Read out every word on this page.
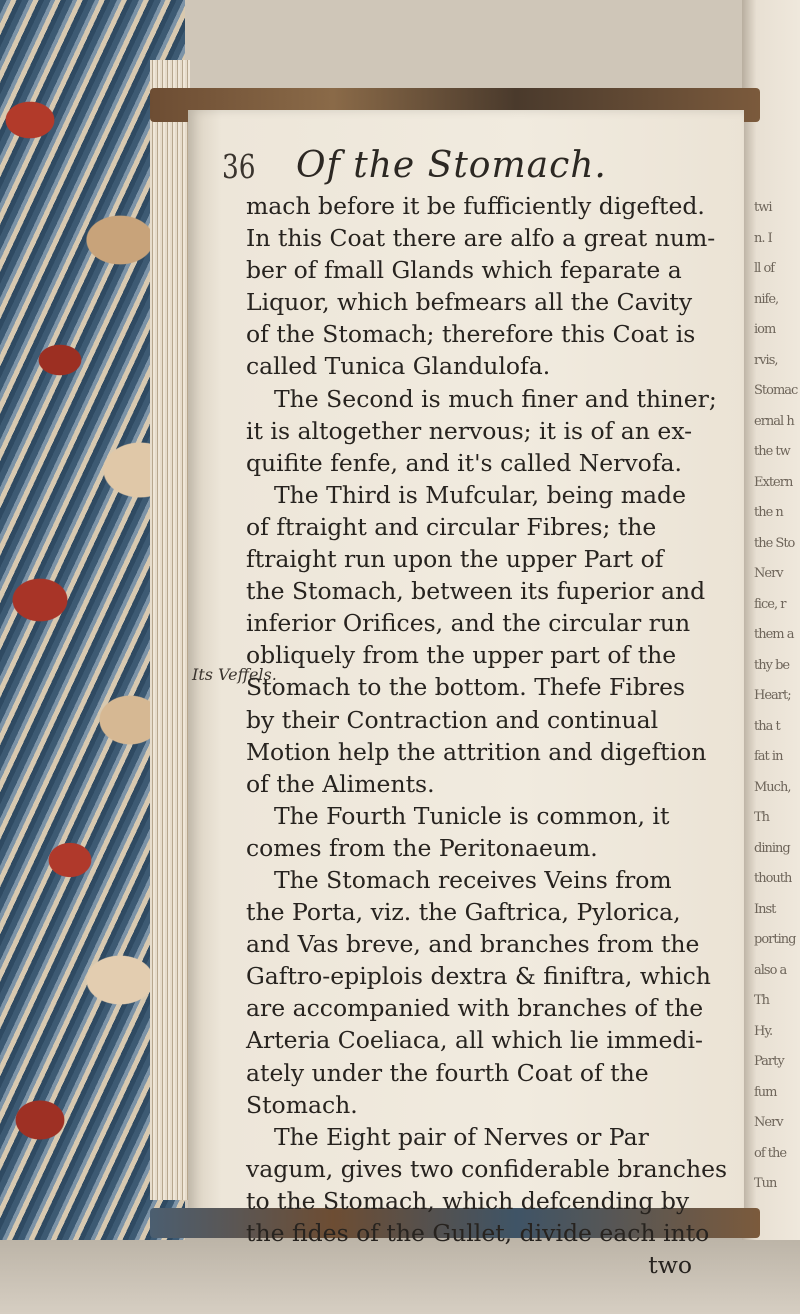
twi
n. I
ll of
nife,
iom
rvis,
Stomac
ernal h
the tw
Extern
the n
the Sto
Nerv
fice, r
them a
thy be
Heart;
tha t
fat in
Much,
Th
dining
thouth
Inst
porting
also a
Th
Hy.
Party
fum
Nerv
of the
Tun
36 Of the Stomach.
Its Veffels.
mach before it be fufficiently digefted.
In this Coat there are alfo a great num-
ber of fmall Glands which feparate a
Liquor, which befmears all the Cavity
of the Stomach; therefore this Coat is
called Tunica Glandulofa.
The Second is much finer and thiner;
it is altogether nervous; it is of an ex-
quifite fenfe, and it's called Nervofa.
The Third is Mufcular, being made
of ftraight and circular Fibres; the
ftraight run upon the upper Part of
the Stomach, between its fuperior and
inferior Orifices, and the circular run
obliquely from the upper part of the
Stomach to the bottom. Thefe Fibres
by their Contraction and continual
Motion help the attrition and digeftion
of the Aliments.
The Fourth Tunicle is common, it
comes from the Peritonaeum.
The Stomach receives Veins from
the Porta, viz. the Gaftrica, Pylorica,
and Vas breve, and branches from the
Gaftro-epiplois dextra & finiftra, which
are accompanied with branches of the
Arteria Coeliaca, all which lie immedi-
ately under the fourth Coat of the
Stomach.
The Eight pair of Nerves or Par
vagum, gives two confiderable branches
to the Stomach, which defcending by
the fides of the Gullet, divide each into
two
